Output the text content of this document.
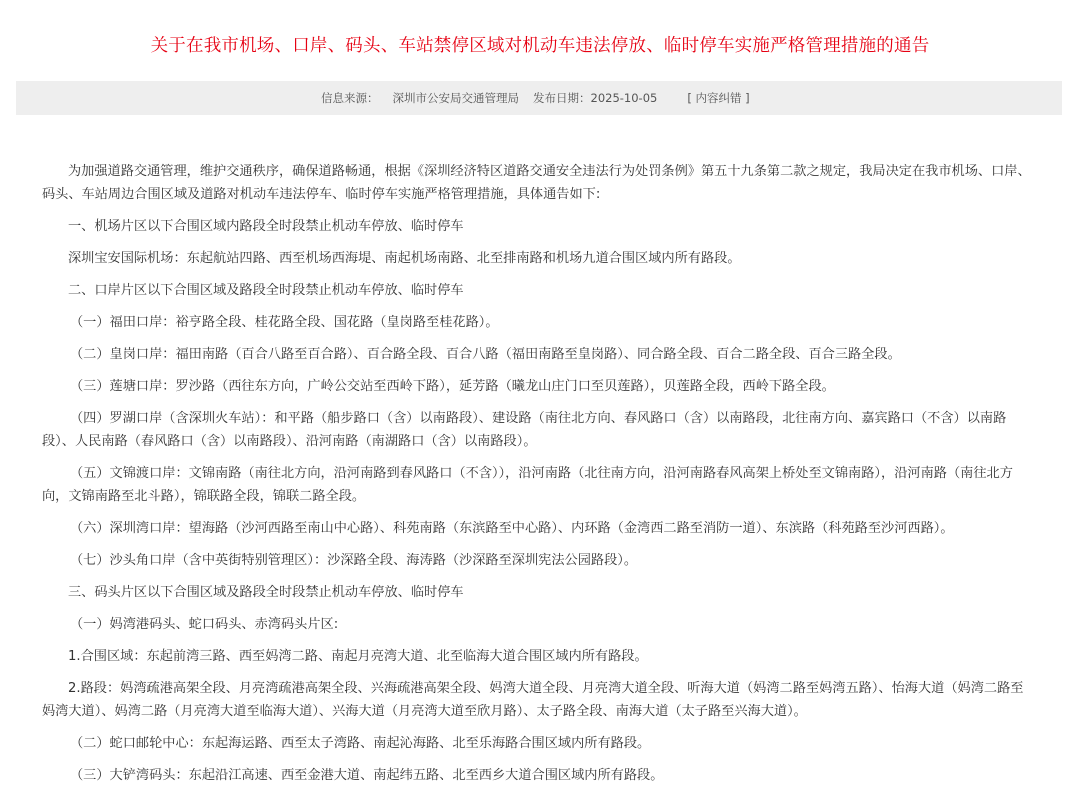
关于在我市机场、口岸、码头、车站禁停区域对机动车违法停放、临时停车实施严格管理措施的通告
信息来源： 深圳市公安局交通管理局 发布日期：2025-10-05	[ 内容纠错 ]

为加强道路交通管理，维护交通秩序，确保道路畅通，根据《深圳经济特区道路交通安全违法行为处罚条例》第五十九条第二款之规定，我局决定在我市机场、口岸、码头、车站周边合围区域及道路对机动车违法停车、临时停车实施严格管理措施，具体通告如下:

一、机场片区以下合围区域内路段全时段禁止机动车停放、临时停车

深圳宝安国际机场：东起航站四路、西至机场西海堤、南起机场南路、北至排南路和机场九道合围区域内所有路段。

二、口岸片区以下合围区域及路段全时段禁止机动车停放、临时停车

（一）福田口岸：裕亨路全段、桂花路全段、国花路（皇岗路至桂花路）。

（二）皇岗口岸：福田南路（百合八路至百合路）、百合路全段、百合八路（福田南路至皇岗路）、同合路全段、百合二路全段、百合三路全段。

（三）莲塘口岸：罗沙路（西往东方向，广岭公交站至西岭下路），延芳路（曦龙山庄门口至贝莲路），贝莲路全段，西岭下路全段。

（四）罗湖口岸（含深圳火车站）：和平路（船步路口（含）以南路段）、建设路（南往北方向、春风路口（含）以南路段，北往南方向、嘉宾路口（不含）以南路段）、人民南路（春风路口（含）以南路段）、沿河南路（南湖路口（含）以南路段）。

（五）文锦渡口岸：文锦南路（南往北方向，沿河南路到春风路口（不含）），沿河南路（北往南方向，沿河南路春风高架上桥处至文锦南路），沿河南路（南往北方向，文锦南路至北斗路），锦联路全段，锦联二路全段。

（六）深圳湾口岸：望海路（沙河西路至南山中心路）、科苑南路（东滨路至中心路）、内环路（金湾西二路至消防一道）、东滨路（科苑路至沙河西路）。

（七）沙头角口岸（含中英街特别管理区）：沙深路全段、海涛路（沙深路至深圳宪法公园路段）。

三、码头片区以下合围区域及路段全时段禁止机动车停放、临时停车

（一）妈湾港码头、蛇口码头、赤湾码头片区:

1.合围区域：东起前湾三路、西至妈湾二路、南起月亮湾大道、北至临海大道合围区域内所有路段。

2.路段：妈湾疏港高架全段、月亮湾疏港高架全段、兴海疏港高架全段、妈湾大道全段、月亮湾大道全段、听海大道（妈湾二路至妈湾五路）、怡海大道（妈湾二路至妈湾大道）、妈湾二路（月亮湾大道至临海大道）、兴海大道（月亮湾大道至欣月路）、太子路全段、南海大道（太子路至兴海大道）。

（二）蛇口邮轮中心：东起海运路、西至太子湾路、南起沁海路、北至乐海路合围区域内所有路段。

（三）大铲湾码头：东起沿江高速、西至金港大道、南起纬五路、北至西乡大道合围区域内所有路段。
